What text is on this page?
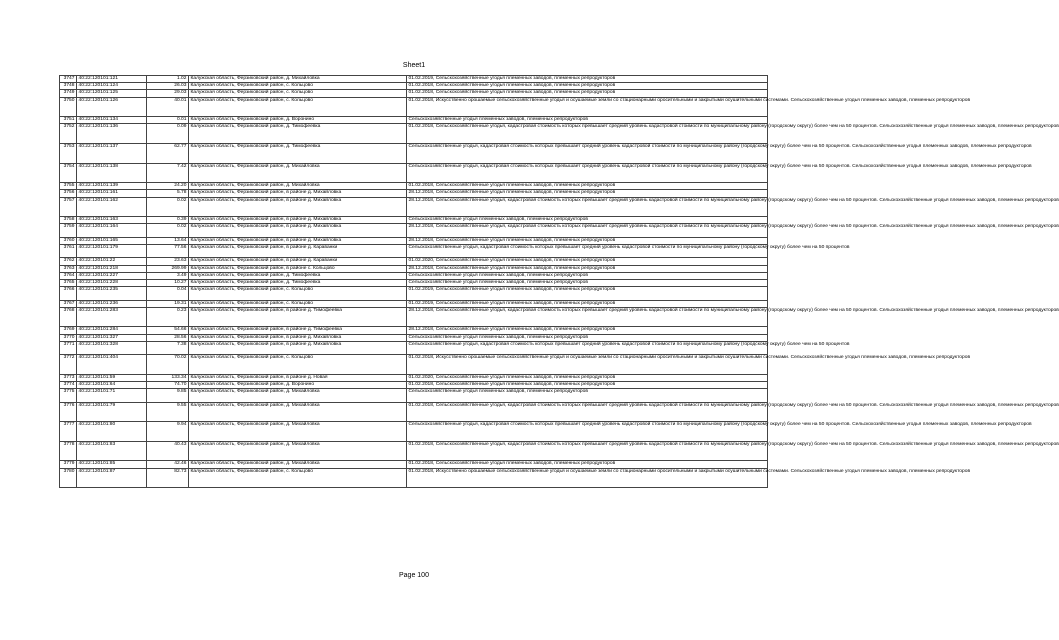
Sheet1
3747	40:22:120101:121	1.02	Калужская область, Ферзиковский район, д. Михайловка	01.02.2019, Сельскохозяйственные угодья племенных заводов, племенных репродукторов

3748	40:22:120101:124	26.03	Калужская область, Ферзиковский район, с. Кольцово	01.02.2018, Сельскохозяйственные угодья племенных заводов, племенных репродукторов

3749	40:22:120101:125	29.03	Калужская область, Ферзиковский район, с. Кольцово	01.02.2018, Сельскохозяйственные угодья племенных заводов, племенных репродукторов

3750	40:22:120101:126	40.01	Калужская область, Ферзиковский район, с. Кольцово	01.02.2018, Искусственно орошаемые сельскохозяйственные угодья и осушаемые земли со стационарными оросительными и закрытыми осушительными системами. Сельскохозяйственные угодья племенных заводов, племенных репродукторов

3751	40:22:120101:134	0.01	Калужская область, Ферзиковский район, д. Воронино	Сельскохозяйственные угодья племенных заводов, племенных репродукторов

3752	40:22:120101:136	0.09	Калужская область, Ферзиковский район, д. Тимофеевка	01.02.2018, Сельскохозяйственные угодья, кадастровая стоимость которых превышает средний уровень кадастровой стоимости по муниципальному району (городскому округу) более чем на 50 процентов. Сельскохозяйственные угодья племенных заводов, племенных репродукторов

3753	40:22:120101:137	62.77	Калужская область, Ферзиковский район, д. Тимофеевка	Сельскохозяйственные угодья, кадастровая стоимость которых превышает средний уровень кадастровой стоимости по муниципальному району (городскому округу) более чем на 50 процентов. Сельскохозяйственные угодья племенных заводов, племенных репродукторов

3754	40:22:120101:138	7.42	Калужская область, Ферзиковский район, д. Михайловка	Сельскохозяйственные угодья, кадастровая стоимость которых превышает средний уровень кадастровой стоимости по муниципальному району (городскому округу) более чем на 50 процентов. Сельскохозяйственные угодья племенных заводов, племенных репродукторов

3755	40:22:120101:139	24.20	Калужская область, Ферзиковский район, д. Михайловка	01.02.2018, Сельскохозяйственные угодья племенных заводов, племенных репродукторов

3756	40:22:120101:161	5.78	Калужская область, Ферзиковский район, в районе д. Михайловка	28.12.2018, Сельскохозяйственные угодья племенных заводов, племенных репродукторов

3757	40:22:120101:162	0.02	Калужская область, Ферзиковский район, в районе д. Михайловка	28.12.2018, Сельскохозяйственные угодья, кадастровая стоимость которых превышает средний уровень кадастровой стоимости по муниципальному району (городскому округу) более чем на 50 процентов. Сельскохозяйственные угодья племенных заводов, племенных репродукторов

3758	40:22:120101:163	0.39	Калужская область, Ферзиковский район, в районе д. Михайловка	Сельскохозяйственные угодья племенных заводов, племенных репродукторов

3759	40:22:120101:164	0.02	Калужская область, Ферзиковский район, в районе д. Михайловка	28.12.2018, Сельскохозяйственные угодья, кадастровая стоимость которых превышает средний уровень кадастровой стоимости по муниципальному району (городскому округу) более чем на 50 процентов. Сельскохозяйственные угодья племенных заводов, племенных репродукторов

3760	40:22:120101:165	13.64	Калужская область, Ферзиковский район, в районе д. Михайловка	28.12.2018, Сельскохозяйственные угодья племенных заводов, племенных репродукторов

3761	40:22:120101:179	77.56	Калужская область, Ферзиковский район, в районе д. Караванки	Сельскохозяйственные угодья, кадастровая стоимость которых превышает средний уровень кадастровой стоимости по муниципальному району (городскому округу) более чем на 50 процентов

3762	40:22:120101:22	23.63	Калужская область, Ферзиковский район, в районе д. Караванки	01.02.2020, Сельскохозяйственные угодья племенных заводов, племенных репродукторов

3763	40:22:120101:218	269.99	Калужская область, Ферзиковский район, в районе с. Кольцово	28.12.2018, Сельскохозяйственные угодья племенных заводов, племенных репродукторов

3764	40:22:120101:227	3.49	Калужская область, Ферзиковский район, д. Тимофеевка	Сельскохозяйственные угодья племенных заводов, племенных репродукторов

3765	40:22:120101:228	10.27	Калужская область, Ферзиковский район, д. Тимофеевка	Сельскохозяйственные угодья племенных заводов, племенных репродукторов

3766	40:22:120101:235	0.04	Калужская область, Ферзиковский район, с. Кольцово	01.02.2019, Сельскохозяйственные угодья племенных заводов, племенных репродукторов

3767	40:22:120101:236	19.31	Калужская область, Ферзиковский район, с. Кольцово	01.02.2019, Сельскохозяйственные угодья племенных заводов, племенных репродукторов

3768	40:22:120101:283	0.23	Калужская область, Ферзиковский район, в районе д. Тимофеевка	28.12.2018, Сельскохозяйственные угодья, кадастровая стоимость которых превышает средний уровень кадастровой стоимости по муниципальному району (городскому округу) более чем на 50 процентов. Сельскохозяйственные угодья племенных заводов, племенных репродукторов

3769	40:22:120101:284	54.66	Калужская область, Ферзиковский район, в районе д. Тимофеевка	28.12.2018, Сельскохозяйственные угодья племенных заводов, племенных репродукторов

3770	40:22:120101:327	28.56	Калужская область, Ферзиковский район, в районе д. Михайловка	Сельскохозяйственные угодья племенных заводов, племенных репродукторов

3771	40:22:120101:328	7.38	Калужская область, Ферзиковский район, в районе д. Михайловка	Сельскохозяйственные угодья, кадастровая стоимость которых превышает средний уровень кадастровой стоимости по муниципальному району (городскому округу) более чем на 50 процентов

3772	40:22:120101:404	70.02	Калужская область, Ферзиковский район, с. Кольцово	01.02.2018, Искусственно орошаемые сельскохозяйственные угодья и осушаемые земли со стационарными оросительными и закрытыми осушительными системами. Сельскохозяйственные угодья племенных заводов, племенных репродукторов

3773	40:22:120101:59	133.34	Калужская область, Ферзиковский район, в районе д. Новая	01.02.2020, Сельскохозяйственные угодья племенных заводов, племенных репродукторов

3774	40:22:120101:64	74.70	Калужская область, Ферзиковский район, д. Воронино	01.02.2018, Сельскохозяйственные угодья племенных заводов, племенных репродукторов

3775	40:22:120101:71	9.85	Калужская область, Ферзиковский район, д. Михайловка	Сельскохозяйственные угодья племенных заводов, племенных репродукторов

3776	40:22:120101:79	9.55	Калужская область, Ферзиковский район, д. Михайловка	01.02.2018, Сельскохозяйственные угодья, кадастровая стоимость которых превышает средний уровень кадастровой стоимости по муниципальному району (городскому округу) более чем на 50 процентов. Сельскохозяйственные угодья племенных заводов, племенных репродукторов

3777	40:22:120101:80	9.94	Калужская область, Ферзиковский район, д. Михайловка	Сельскохозяйственные угодья, кадастровая стоимость которых превышает средний уровень кадастровой стоимости по муниципальному району (городскому округу) более чем на 50 процентов. Сельскохозяйственные угодья племенных заводов, племенных репродукторов

3778	40:22:120101:83	40.43	Калужская область, Ферзиковский район, д. Михайловка	01.02.2018, Сельскохозяйственные угодья, кадастровая стоимость которых превышает средний уровень кадастровой стоимости по муниципальному району (городскому округу) более чем на 50 процентов. Сельскохозяйственные угодья племенных заводов, племенных репродукторов

3779	40:22:120101:85	42.46	Калужская область, Ферзиковский район, д. Михайловка	01.02.2018, Сельскохозяйственные угодья племенных заводов, племенных репродукторов

3780	40:22:120101:87	82.73	Калужская область, Ферзиковский район, с. Кольцово	01.02.2018, Искусственно орошаемые сельскохозяйственные угодья и осушаемые земли со стационарными оросительными и закрытыми осушительными системами. Сельскохозяйственные угодья племенных заводов, племенных репродукторов
Page 100
